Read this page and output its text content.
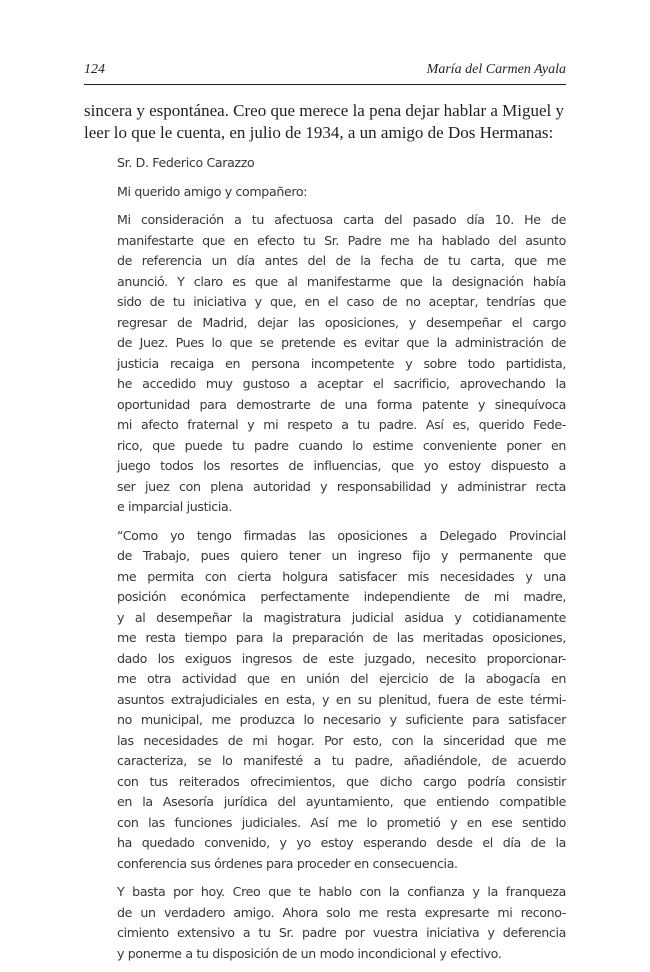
124	María del Carmen Ayala

sincera y espontánea. Creo que merece la pena dejar hablar a Miguel y
leer lo que le cuenta, en julio de 1934, a un amigo de Dos Hermanas:

Sr. D. Federico Carazzo

Mi querido amigo y compañero:

Mi consideración a tu afectuosa carta del pasado día 10. He de
manifestarte que en efecto tu Sr. Padre me ha hablado del asunto
de referencia un día antes del de la fecha de tu carta, que me
anunció. Y claro es que al manifestarme que la designación había
sido de tu iniciativa y que, en el caso de no aceptar, tendrías que
regresar de Madrid, dejar las oposiciones, y desempeñar el cargo
de Juez. Pues lo que se pretende es evitar que la administración de
justicia recaiga en persona incompetente y sobre todo partidista,
he accedido muy gustoso a aceptar el sacrificio, aprovechando la
oportunidad para demostrarte de una forma patente y sinequívoca
mi afecto fraternal y mi respeto a tu padre. Así es, querido Fede-
rico, que puede tu padre cuando lo estime conveniente poner en
juego todos los resortes de influencias, que yo estoy dispuesto a
ser juez con plena autoridad y responsabilidad y administrar recta
e imparcial justicia.

“Como yo tengo firmadas las oposiciones a Delegado Provincial
de Trabajo, pues quiero tener un ingreso fijo y permanente que
me permita con cierta holgura satisfacer mis necesidades y una
posición económica perfectamente independiente de mi madre,
y al desempeñar la magistratura judicial asidua y cotidianamente
me resta tiempo para la preparación de las meritadas oposiciones,
dado los exiguos ingresos de este juzgado, necesito proporcionar-
me otra actividad que en unión del ejercicio de la abogacía en
asuntos extrajudiciales en esta, y en su plenitud, fuera de este térmi-
no municipal, me produzca lo necesario y suficiente para satisfacer
las necesidades de mi hogar. Por esto, con la sinceridad que me
caracteriza, se lo manifesté a tu padre, añadiéndole, de acuerdo
con tus reiterados ofrecimientos, que dicho cargo podría consistir
en la Asesoría jurídica del ayuntamiento, que entiendo compatible
con las funciones judiciales. Así me lo prometió y en ese sentido
ha quedado convenido, y yo estoy esperando desde el día de la
conferencia sus órdenes para proceder en consecuencia.

Y basta por hoy. Creo que te hablo con la confianza y la franqueza
de un verdadero amigo. Ahora solo me resta expresarte mi recono-
cimiento extensivo a tu Sr. padre por vuestra iniciativa y deferencia
y ponerme a tu disposición de un modo incondicional y efectivo.
